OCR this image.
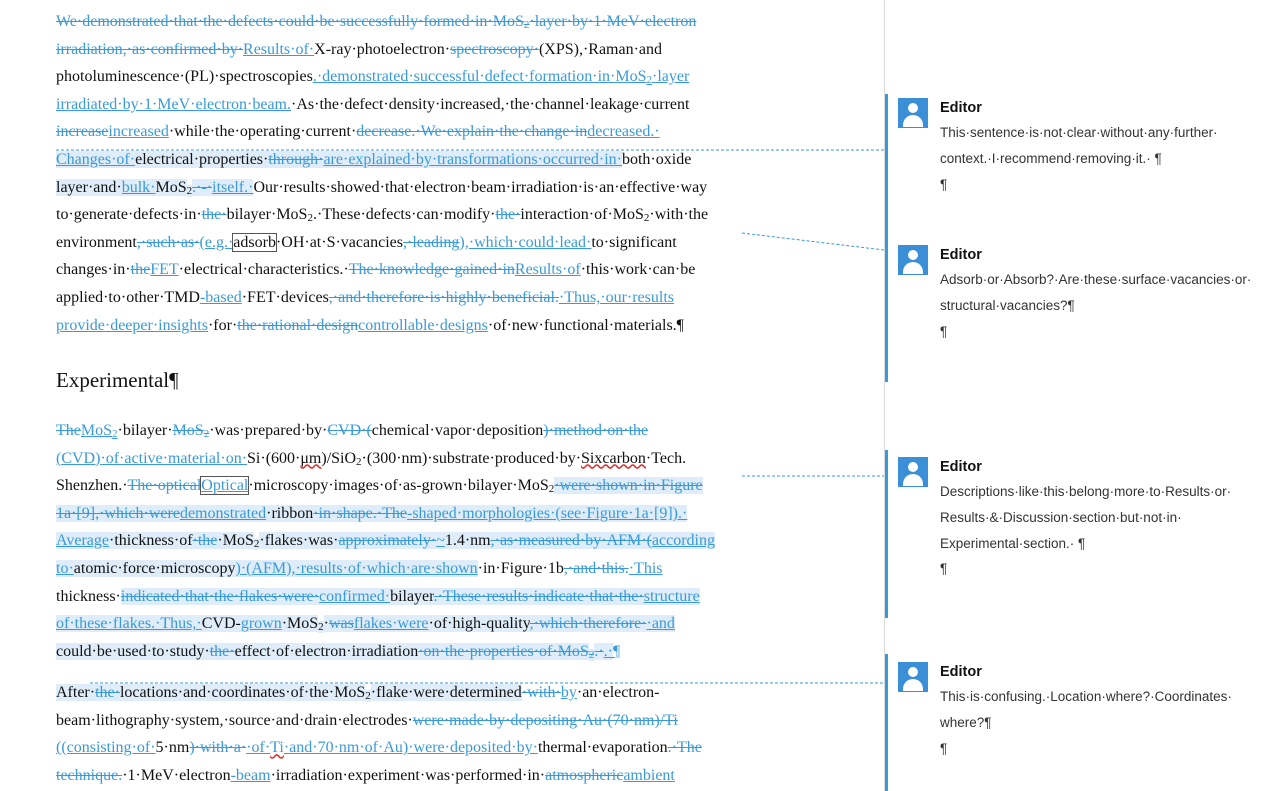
We·demonstrated·that·the·defects·could·be·successfully·formed·in·MoS$_2$·layer·by·1·MeV·electron
irradiation,·as·confirmed·by·Results·of·X-ray·photoelectron·spectroscopy·(XPS),·Raman·and
photoluminescence·(PL)·spectroscopies.·demonstrated·successful·defect·formation·in·MoS$_2$·layer
irradiated·by·1·MeV·electron·beam.·As·the·defect·density·increased,·the·channel·leakage·current
increaseincreased·while·the·operating·current·decrease.·We·explain·the·change·indecreased.·
Changes·of·electrical·properties·through·are·explained·by·transformations·occurred·in·both·oxide
layer·and·bulk·MoS$_2$.·-·itself.·Our·results·showed·that·electron·beam·irradiation·is·an·effective·way
to·generate·defects·in·the·bilayer·MoS$_2$.·These·defects·can·modify·the·interaction·of·MoS$_2$·with·the
environment,·such·as·(e.g.·adsorb·OH·at·S·vacancies,·leading),·which·could·lead·to·significant
changes·in·theFET·electrical·characteristics.·The·knowledge·gained·inResults·of·this·work·can·be
applied·to·other·TMD-based·FET·devices,·and·therefore·is·highly·beneficial.·Thus,·our·results
provide·deeper·insights·for·the·rational·designcontrollable·designs·of·new·functional·materials.¶
Experimental¶
TheMoS$_2$·bilayer·MoS$_2$·was·prepared·by·CVD·(chemical·vapor·deposition)·method·on·the
(CVD)·of·active·material·on·Si·(600·μm)/SiO$_2$·(300·nm)·substrate·produced·by·Sixcarbon·Tech.
Shenzhen.·The·opticalOptical·microscopy·images·of·as-grown·bilayer·MoS$_2$·were·shown·in·Figure
1a·[9],·which·weredemonstrated·ribbon·in·shape.·The-shaped·morphologies·(see·Figure·1a·[9]).·
Average·thickness·of·the·MoS$_2$·flakes·was·approximately·~1.4·nm,·as·measured·by·AFM·(according
to·atomic·force·microscopy)·(AFM),·results·of·which·are·shown·in·Figure·1b,·and·this.·This
thickness·indicated·that·the·flakes·were·confirmed·bilayer.·These·results·indicate·that·the·structure
of·these·flakes.·Thus,·CVD-grown·MoS$_2$·wasflakes·were·of·high-quality,·which·therefore··and
could·be·used·to·study·the·effect·of·electron·irradiation·on·the·properties·of·MoS$_2$.·.·¶
After·the·locations·and·coordinates·of·the·MoS$_2$·flake·were·determined·with·by·an·electron-
beam·lithography·system,·source·and·drain·electrodes·were·made·by·depositing·Au·(70·nm)/Ti
((consisting·of·5·nm)·with·a··of·Ti·and·70·nm·of·Au)·were·deposited·by·thermal·evaporation.·The
technique.·1·MeV·electron-beam·irradiation·experiment·was·performed·in·atmosphericambient
Editor
This·sentence·is·not·clear·without·any·further· context.·I·recommend·removing·it.· ¶
¶
Editor
Adsorb·or·Absorb?·Are·these·surface·vacancies·or· structural·vacancies?¶
¶
Editor
Descriptions·like·this·belong·more·to·Results·or· Results·&·Discussion·section·but·not·in· Experimental·section.· ¶
¶
Editor
This·is·confusing.·Location·where?·Coordinates· where?¶
¶
